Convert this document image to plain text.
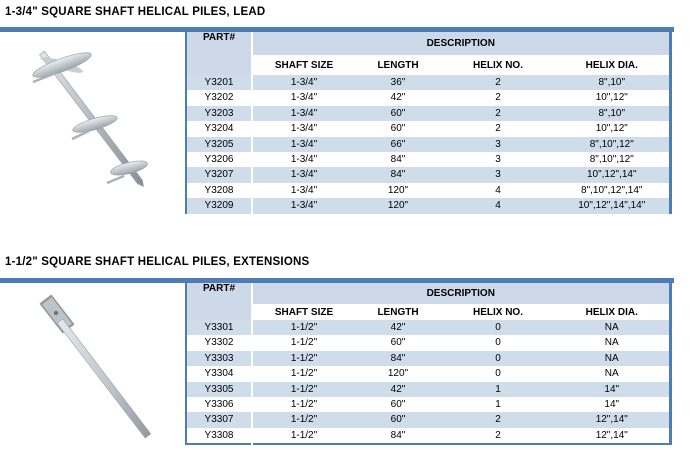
1-3/4" SQUARE SHAFT HELICAL PILES, LEAD
PART#	DESCRIPTION			
	SHAFT SIZE	LENGTH	HELIX NO.	HELIX DIA.
Y3201	1-3/4"	36"	2	8",10"
Y3202	1-3/4"	42"	2	10",12"
Y3203	1-3/4"	60"	2	8",10"
Y3204	1-3/4"	60"	2	10",12"
Y3205	1-3/4"	66"	3	8",10",12"
Y3206	1-3/4"	84"	3	8",10",12"
Y3207	1-3/4"	84"	3	10",12",14"
Y3208	1-3/4"	120"	4	8",10",12",14"
Y3209	1-3/4"	120"	4	10",12",14",14"
1-1/2" SQUARE SHAFT HELICAL PILES, EXTENSIONS
PART#	DESCRIPTION			
	SHAFT SIZE	LENGTH	HELIX NO.	HELIX DIA.
Y3301	1-1/2"	42"	0	NA
Y3302	1-1/2"	60"	0	NA
Y3303	1-1/2"	84"	0	NA
Y3304	1-1/2"	120"	0	NA
Y3305	1-1/2"	42"	1	14"
Y3306	1-1/2"	60"	1	14"
Y3307	1-1/2"	60"	2	12",14"
Y3308	1-1/2"	84"	2	12",14"
